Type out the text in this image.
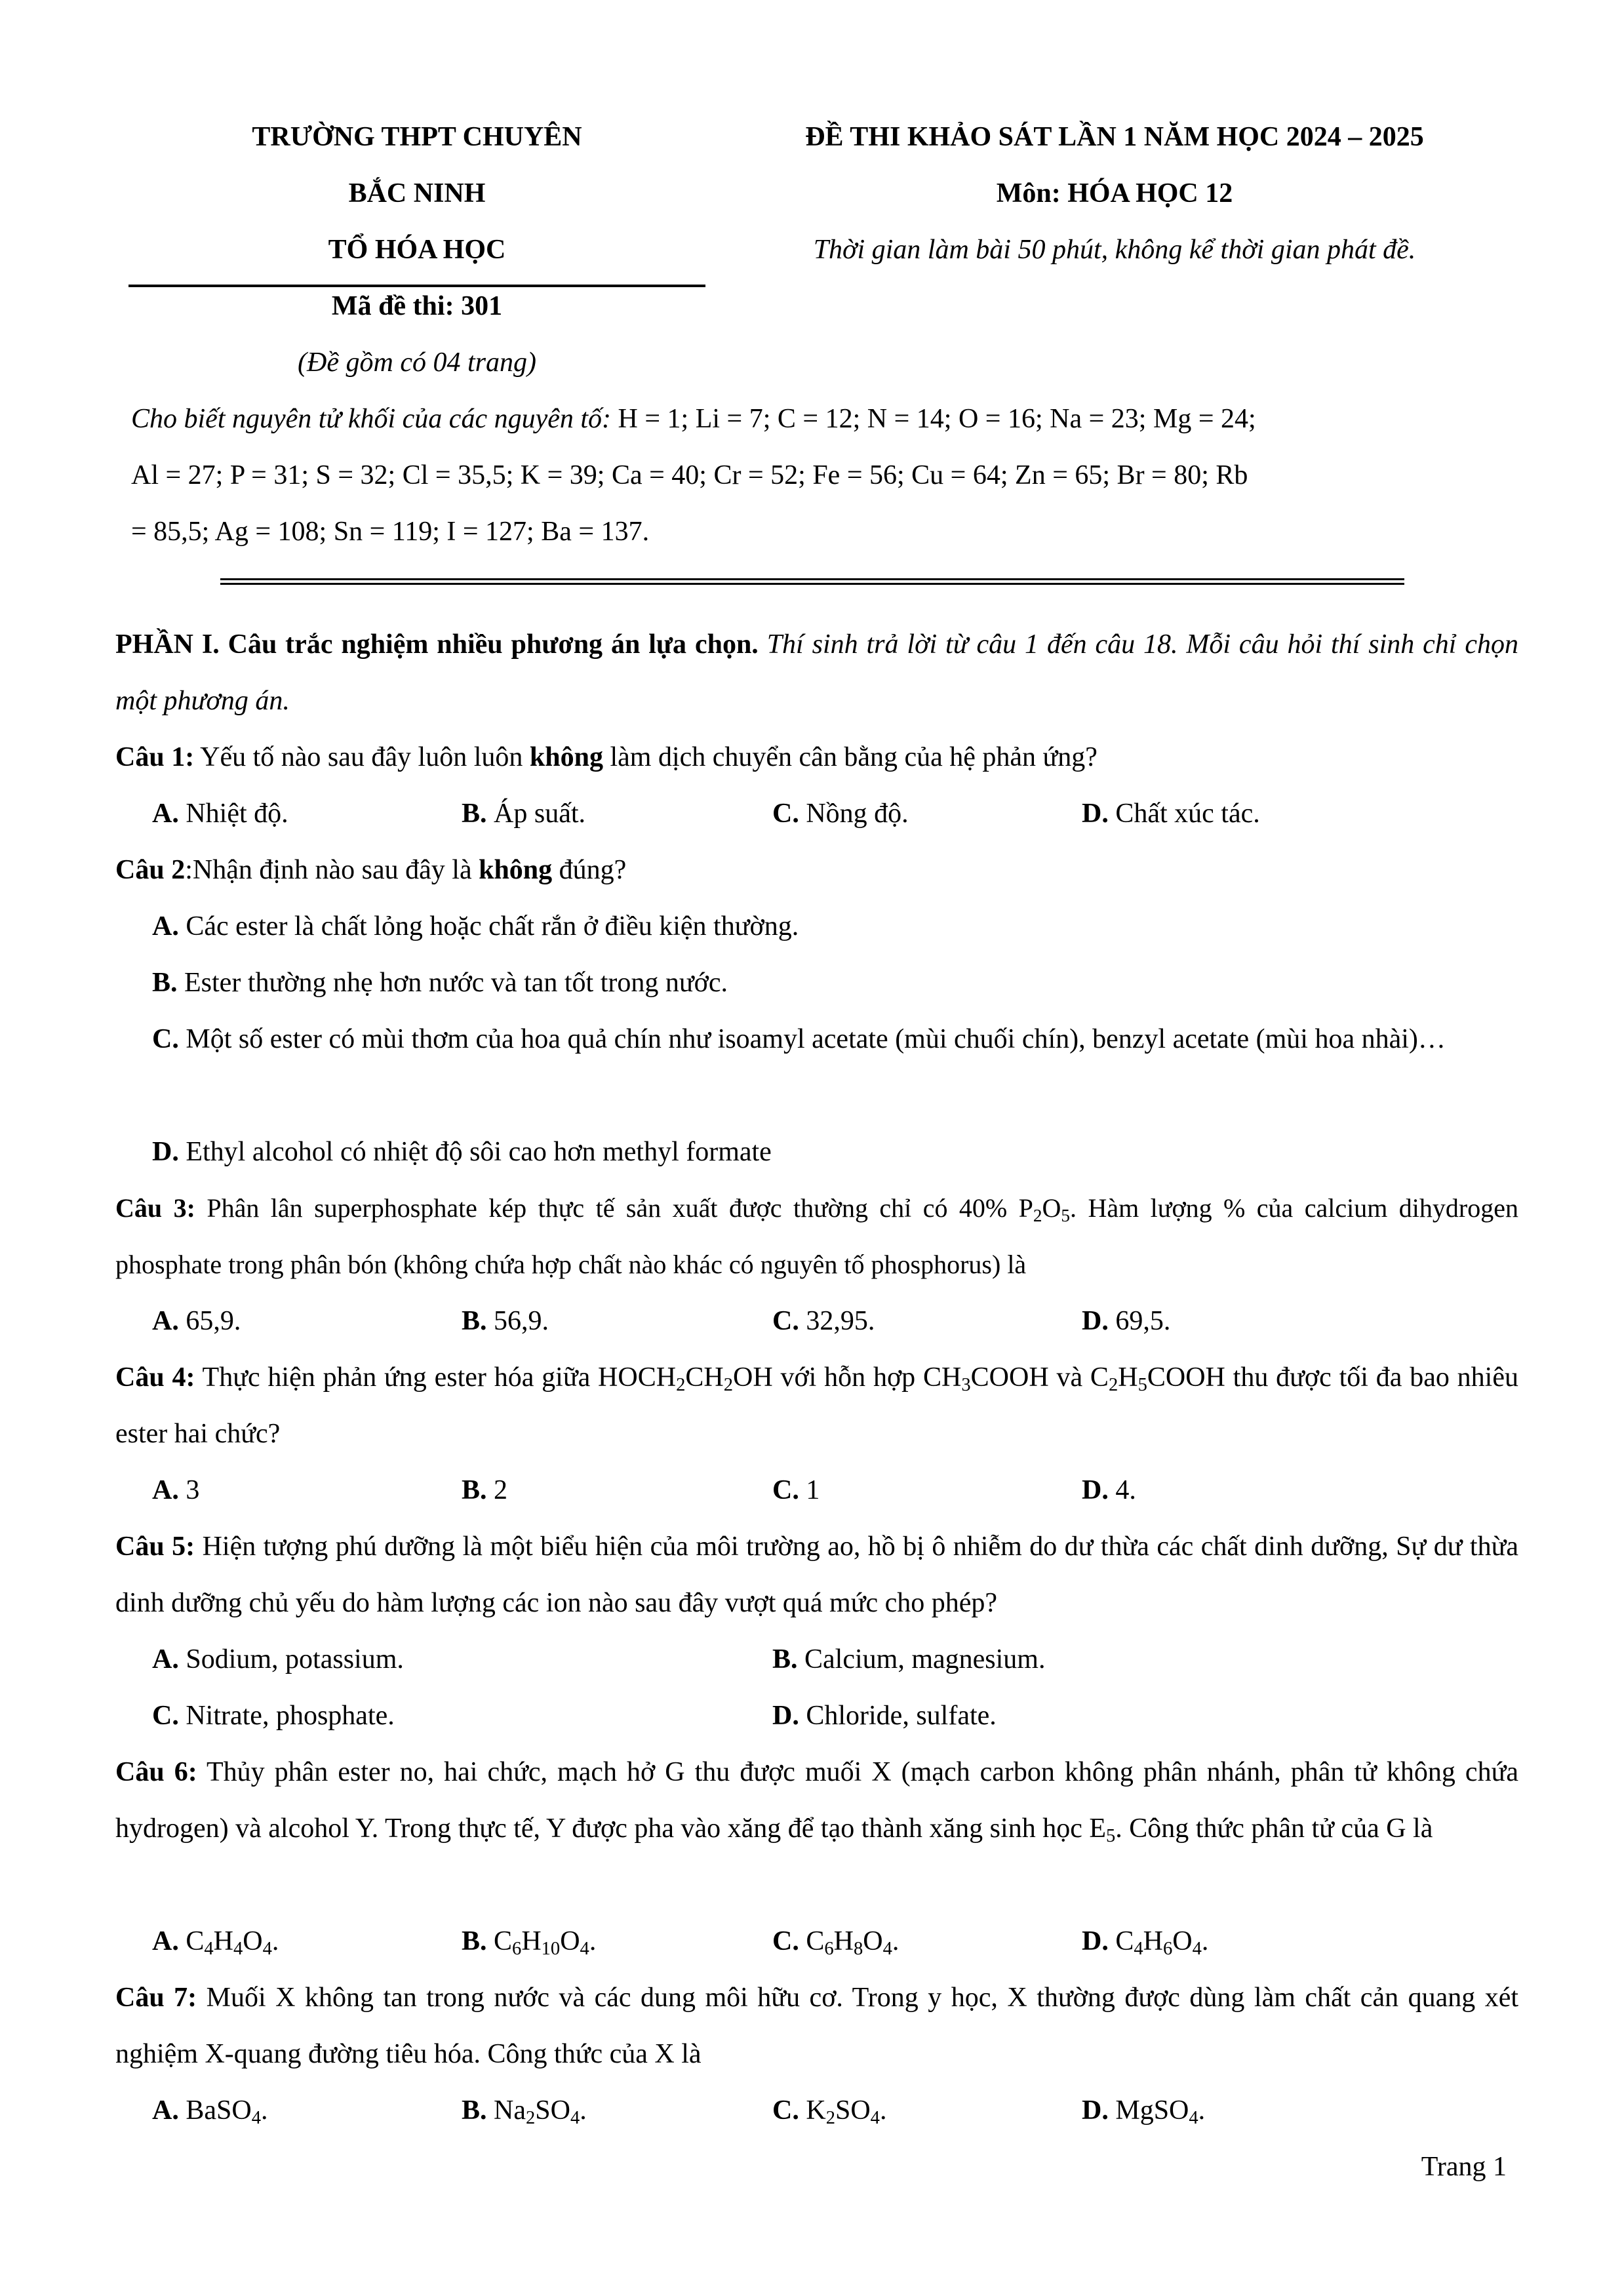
TRƯỜNG THPT CHUYÊN
BẮC NINH
TỔ HÓA HỌC
Mã đề thi: 301
(Đề gồm có 04 trang)
ĐỀ THI KHẢO SÁT LẦN 1 NĂM HỌC 2024 – 2025
Môn: HÓA HỌC 12
Thời gian làm bài 50 phút, không kể thời gian phát đề.
Cho biết nguyên tử khối của các nguyên tố: H = 1; Li = 7; C = 12; N = 14; O = 16; Na = 23; Mg = 24;
Al = 27; P = 31; S = 32; Cl = 35,5; K = 39; Ca = 40; Cr = 52; Fe = 56; Cu = 64; Zn = 65; Br = 80; Rb
= 85,5; Ag = 108; Sn = 119; I = 127; Ba = 137.
PHẦN I. Câu trắc nghiệm nhiều phương án lựa chọn. Thí sinh trả lời từ câu 1 đến câu 18. Mỗi câu hỏi thí sinh chỉ chọn một phương án.
Câu 1: Yếu tố nào sau đây luôn luôn không làm dịch chuyển cân bằng của hệ phản ứng?
A. Nhiệt độ.	B. Áp suất.	C. Nồng độ.	D. Chất xúc tác.
Câu 2:Nhận định nào sau đây là không đúng?
A. Các ester là chất lỏng hoặc chất rắn ở điều kiện thường.
B. Ester thường nhẹ hơn nước và tan tốt trong nước.
C. Một số ester có mùi thơm của hoa quả chín như isoamyl acetate (mùi chuối chín), benzyl acetate (mùi hoa nhài)…
D. Ethyl alcohol có nhiệt độ sôi cao hơn methyl formate
Câu 3: Phân lân superphosphate kép thực tế sản xuất được thường chỉ có 40% $P_2O_5$. Hàm lượng % của calcium dihydrogen phosphate trong phân bón (không chứa hợp chất nào khác có nguyên tố phosphorus) là
A. 65,9.	B. 56,9.	C. 32,95.	D. 69,5.
Câu 4: Thực hiện phản ứng ester hóa giữa $HOCH_2CH_2OH$ với hỗn hợp $CH_3COOH$ và $C_2H_5COOH$ thu được tối đa bao nhiêu ester hai chức?
A. 3	B. 2	C. 1	D. 4.
Câu 5: Hiện tượng phú dưỡng là một biểu hiện của môi trường ao, hồ bị ô nhiễm do dư thừa các chất dinh dưỡng, Sự dư thừa dinh dưỡng chủ yếu do hàm lượng các ion nào sau đây vượt quá mức cho phép?
A. Sodium, potassium.	B. Calcium, magnesium.
C. Nitrate, phosphate.	D. Chloride, sulfate.
Câu 6: Thủy phân ester no, hai chức, mạch hở G thu được muối X (mạch carbon không phân nhánh, phân tử không chứa hydrogen) và alcohol Y. Trong thực tế, Y được pha vào xăng để tạo thành xăng sinh học $E_5$. Công thức phân tử của G là
A. $C_4H_4O_4$.	B. $C_6H_{10}O_4$.	C. $C_6H_8O_4$.	D. $C_4H_6O_4$.
Câu 7: Muối X không tan trong nước và các dung môi hữu cơ. Trong y học, X thường được dùng làm chất cản quang xét nghiệm X-quang đường tiêu hóa. Công thức của X là
A. BaSO$_4$.	B. $Na_2SO_4$.	C. $K_2SO_4$.	D. MgSO$_4$.
Trang 1
